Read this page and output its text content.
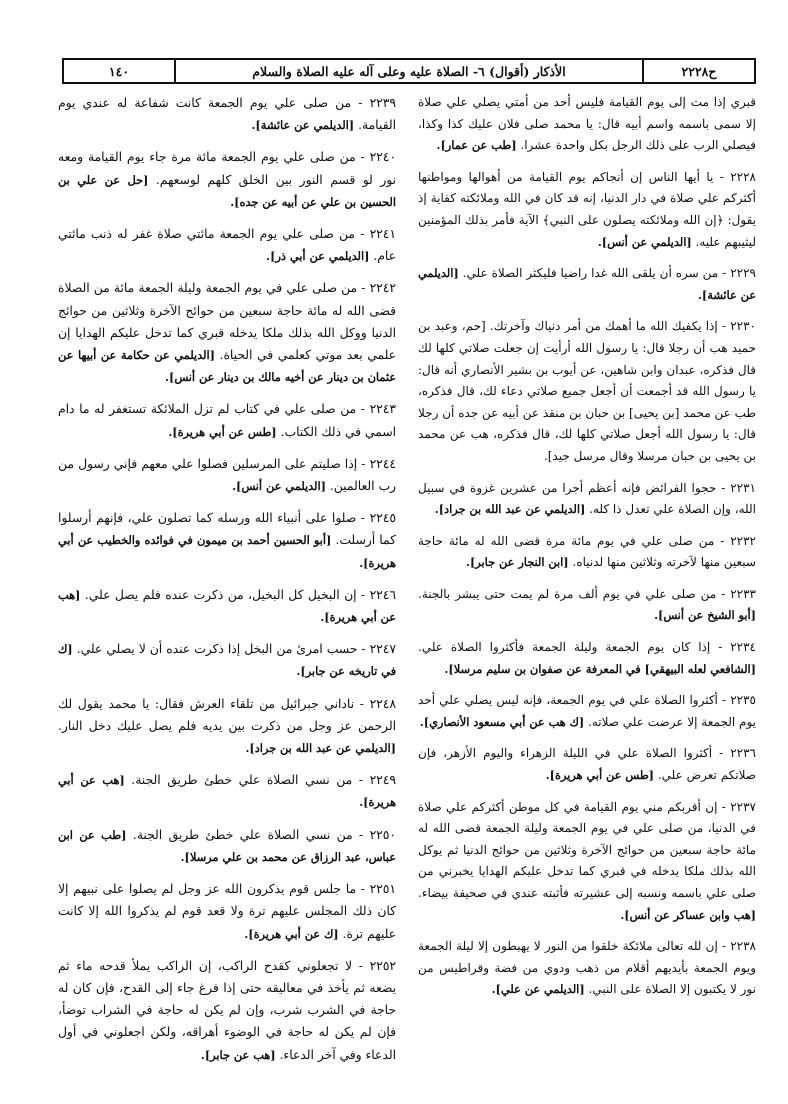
ح٢٢٢٨
الأذكار (أقوال) ٦- الصلاة عليه وعلى آله عليه الصلاة والسلام
١٤٠

قبري إذا مت إلى يوم القيامة فليس أحد من أمتي يصلي علي صلاة إلا سمى باسمه واسم أبيه قال: يا محمد صلى فلان عليك كذا وكذا، فيصلي الرب على ذلك الرجل بكل واحدة عشرا. [طب عن عمار].

٢٢٢٨ - يا أيها الناس إن أنجاكم يوم القيامة من أهوالها ومواطنها أكثركم علي صلاة في دار الدنيا، إنه قد كان في الله وملائكته كفاية إذ يقول: ﴿إن الله وملائكته يصلون على النبي﴾ الآية فأمر بذلك المؤمنين ليثيبهم عليه. [الديلمي عن أنس].

٢٢٢٩ - من سره أن يلقى الله غدا راضيا فليكثر الصلاة علي. [الديلمي عن عائشة].

٢٢٣٠ - إذا يكفيك الله ما أهمك من أمر دنياك وآخرتك. [حم، وعبد بن حميد هب أن رجلا قال: يا رسول الله أرأيت إن جعلت صلاتي كلها لك قال فذكره، عبدان وابن شاهين، عن أيوب بن بشير الأنصاري أنه قال: يا رسول الله قد أجمعت أن أجعل جميع صلاتي دعاء لك، قال فذكره، طب عن محمد [بن يحيى] بن حبان بن منقذ عن أبيه عن جده أن رجلا قال: يا رسول الله أجعل صلاتي كلها لك، قال فذكره، هب عن محمد بن يحيى بن حبان مرسلا وقال مرسل جيد].

٢٢٣١ - حجوا الفرائض فإنه أعظم أجرا من عشرين غزوة في سبيل الله، وإن الصلاة علي تعدل ذا كله. [الديلمي عن عبد الله بن جراد].

٢٢٣٢ - من صلى علي في يوم مائة مرة قضى الله له مائة حاجة سبعين منها لآخرته وثلاثين منها لدنياه. [ابن النجار عن جابر].

٢٢٣٣ - من صلى علي في يوم ألف مرة لم يمت حتى يبشر بالجنة. [أبو الشيخ عن أنس].

٢٢٣٤ - إذا كان يوم الجمعة وليلة الجمعة فأكثروا الصلاة علي. [الشافعي لعله البيهقي] في المعرفة عن صفوان بن سليم مرسلا].

٢٢٣٥ - أكثروا الصلاة علي في يوم الجمعة، فإنه ليس يصلي علي أحد يوم الجمعة إلا عرضت علي صلاته. [ك هب عن أبي مسعود الأنصاري].

٢٢٣٦ - أكثروا الصلاة علي في الليلة الزهراء واليوم الأزهر، فإن صلاتكم تعرض علي. [طس عن أبي هريرة].

٢٢٣٧ - إن أقربكم مني يوم القيامة في كل موطن أكثركم علي صلاة في الدنيا، من صلى علي في يوم الجمعة وليلة الجمعة قضى الله له مائة حاجة سبعين من حوائج الآخرة وثلاثين من حوائج الدنيا ثم يوكل الله بذلك ملكا يدخله في قبري كما تدخل عليكم الهدايا يخبرني من صلى علي باسمه ونسبه إلى عشيرته فأثبته عندي في صحيفة بيضاء. [هب وابن عساكر عن أنس].

٢٢٣٨ - إن لله تعالى ملائكة خلقوا من النور لا يهبطون إلا ليلة الجمعة ويوم الجمعة بأيديهم أقلام من ذهب ودوي من فضة وقراطيس من نور لا يكتبون إلا الصلاة على النبي. [الديلمي عن علي].

٢٢٣٩ - من صلى علي يوم الجمعة كانت شفاعة له عندي يوم القيامة. [الديلمي عن عائشة].

٢٢٤٠ - من صلى علي يوم الجمعة مائة مرة جاء يوم القيامة ومعه نور لو قسم النور بين الخلق كلهم لوسعهم. [حل عن علي بن الحسين بن علي عن أبيه عن جده].

٢٢٤١ - من صلى علي يوم الجمعة مائتي صلاة غفر له ذنب مائتي عام. [الديلمي عن أبي ذر].

٢٢٤٢ - من صلى علي في يوم الجمعة وليلة الجمعة مائة من الصلاة قضى الله له مائة حاجة سبعين من حوائج الآخرة وثلاثين من حوائج الدنيا ووكل الله بذلك ملكا يدخله قبري كما تدخل عليكم الهدايا إن علمي بعد موتي كعلمي في الحياة. [الديلمي عن حكامة عن أبيها عن عثمان بن دينار عن أخيه مالك بن دينار عن أنس].

٢٢٤٣ - من صلى علي في كتاب لم تزل الملائكة تستغفر له ما دام اسمي في ذلك الكتاب. [طس عن أبي هريرة].

٢٢٤٤ - إذا صليتم على المرسلين فصلوا علي معهم فإني رسول من رب العالمين. [الديلمي عن أنس].

٢٢٤٥ - صلوا على أنبياء الله ورسله كما تصلون علي، فإنهم أرسلوا كما أرسلت. [أبو الحسين أحمد بن ميمون في فوائده والخطيب عن أبي هريرة].

٢٢٤٦ - إن البخيل كل البخيل، من ذكرت عنده فلم يصل علي. [هب عن أبي هريرة].

٢٢٤٧ - حسب امرئ من البخل إذا ذكرت عنده أن لا يصلي علي. [ك في تاريخه عن جابر].

٢٢٤٨ - ناداني جبرائيل من تلقاء العرش فقال: يا محمد يقول لك الرحمن عز وجل من ذكرت بين يديه فلم يصل عليك دخل النار. [الديلمي عن عبد الله بن جراد].

٢٢٤٩ - من نسي الصلاة علي خطئ طريق الجنة. [هب عن أبي هريرة].

٢٢٥٠ - من نسي الصلاة علي خطئ طريق الجنة. [طب عن ابن عباس، عبد الرزاق عن محمد بن علي مرسلا].

٢٢٥١ - ما جلس قوم يذكرون الله عز وجل لم يصلوا على نبيهم إلا كان ذلك المجلس عليهم ترة ولا قعد قوم لم يذكروا الله إلا كانت عليهم ترة. [ك عن أبي هريرة].

٢٢٥٢ - لا تجعلوني كقدح الراكب، إن الراكب يملأ قدحه ماء ثم يضعه ثم يأخذ في معاليقه حتى إذا فرغ جاء إلى القدح، فإن كان له حاجة في الشرب شرب، وإن لم يكن له حاجة في الشراب توضأ، فإن لم يكن له حاجة في الوضوء أهراقه، ولكن اجعلوني في أول الدعاء وفي آخر الدعاء. [هب عن جابر].
